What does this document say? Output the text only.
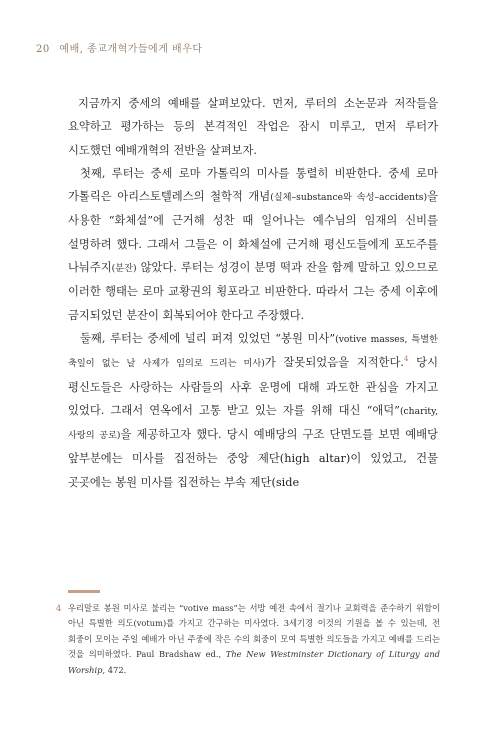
20 예배, 종교개혁가들에게 배우다

지금까지 중세의 예배를 살펴보았다. 먼저, 루터의 소논문과 저작들을 요약하고 평가하는 등의 본격적인 작업은 잠시 미루고, 먼저 루터가 시도했던 예배개혁의 전반을 살펴보자.

첫째, 루터는 중세 로마 가톨릭의 미사를 통렬히 비판한다. 중세 로마 가톨릭은 아리스토텔레스의 철학적 개념(실체–substance와 속성–accidents)을 사용한 “화체설”에 근거해 성찬 때 일어나는 예수님의 임재의 신비를 설명하려 했다. 그래서 그들은 이 화체설에 근거해 평신도들에게 포도주를 나눠주지(분잔) 않았다. 루터는 성경이 분명 떡과 잔을 함께 말하고 있으므로 이러한 행태는 로마 교황권의 횡포라고 비판한다. 따라서 그는 중세 이후에 금지되었던 분잔이 회복되어야 한다고 주장했다.

둘째, 루터는 중세에 널리 퍼져 있었던 “봉원 미사”(votive masses, 특별한 축일이 없는 날 사제가 임의로 드리는 미사)가 잘못되었음을 지적한다.$^4$ 당시 평신도들은 사랑하는 사람들의 사후 운명에 대해 과도한 관심을 가지고 있었다. 그래서 연옥에서 고통 받고 있는 자를 위해 대신 “애덕”(charity, 사랑의 공로)을 제공하고자 했다. 당시 예배당의 구조 단면도를 보면 예배당 앞부분에는 미사를 집전하는 중앙 제단(high altar)이 있었고, 건물 곳곳에는 봉원 미사를 집전하는 부속 제단(side

4 우리말로 봉원 미사로 불리는 “votive mass”는 서방 예전 속에서 절기나 교회력을 준수하기 위함이 아닌 특별한 의도(votum)를 가지고 간구하는 미사였다. 3세기경 이것의 기원을 볼 수 있는데, 전 회중이 모이는 주일 예배가 아닌 주중에 작은 수의 회중이 모여 특별한 의도들을 가지고 예배를 드리는 것을 의미하였다. Paul Bradshaw ed., The New Westminster Dictionary of Liturgy and Worship, 472.
